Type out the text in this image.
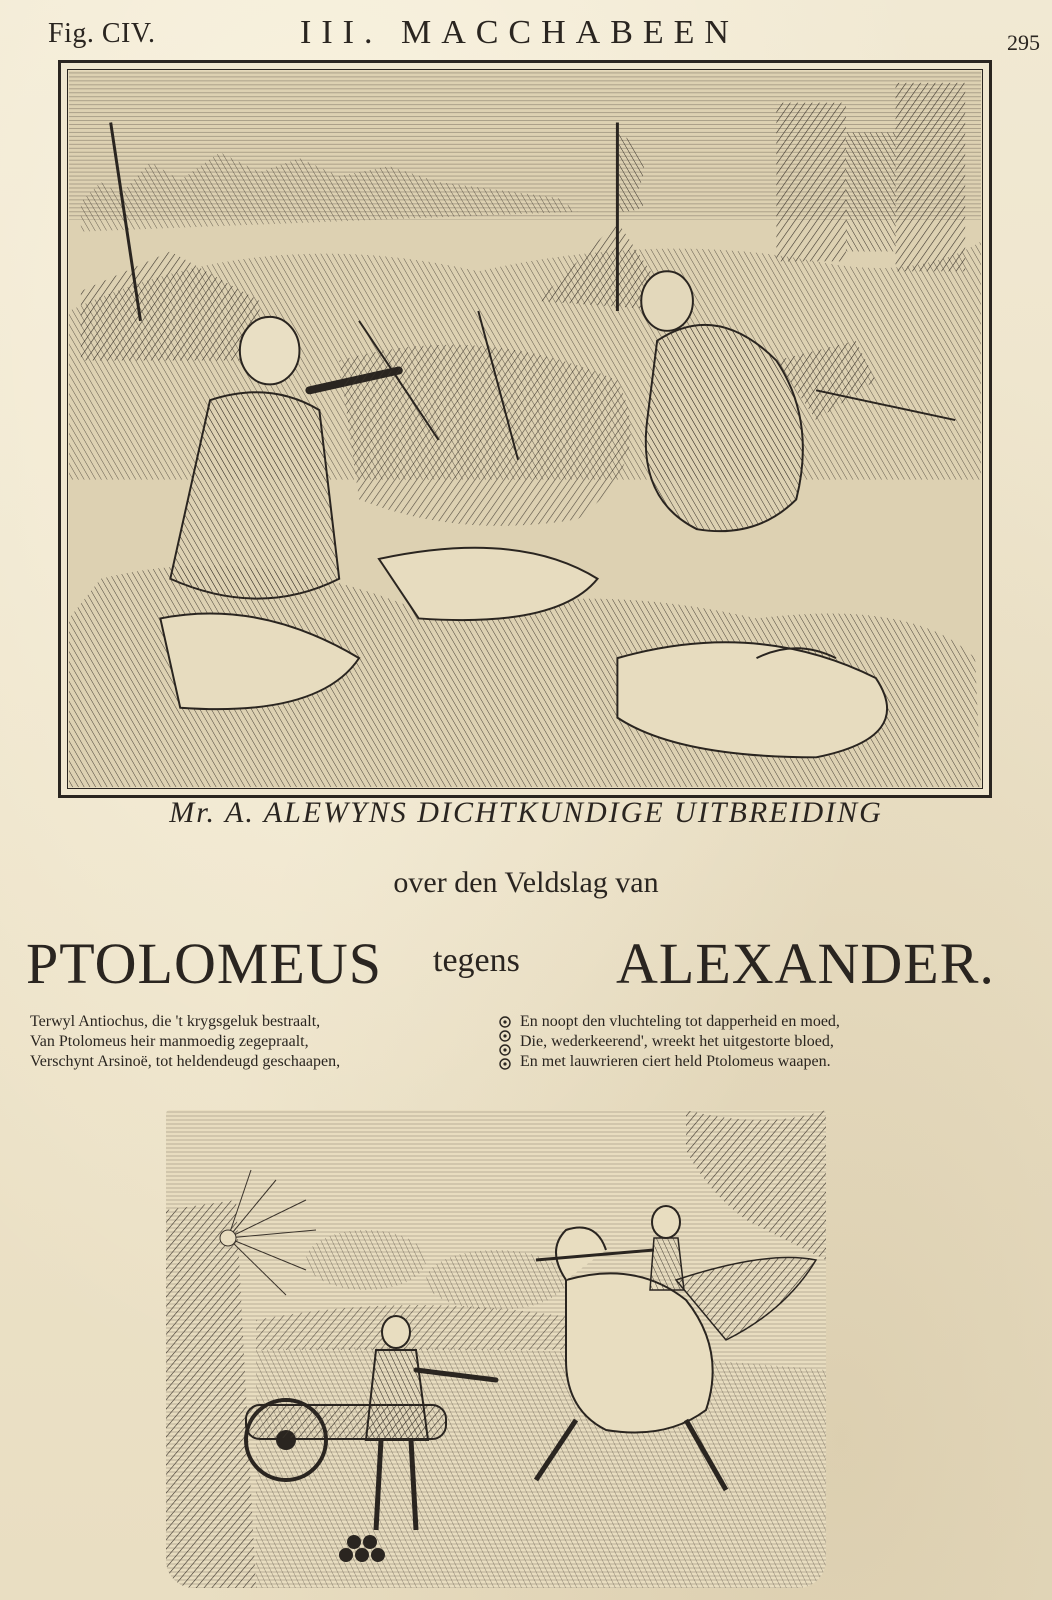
Fig. CIV.	III. MACCHABEEN	295
Mr. A. ALEWYNS DICHTKUNDIGE UITBREIDING
over den Veldslag van
PTOLOMEUS tegens ALEXANDER.
Terwyl Antiochus, die 't krygsgeluk bestraalt,
Van Ptolomeus heir manmoedig zegepraalt,
Verschynt Arsinoë, tot heldendeugd geschaapen,
En noopt den vluchteling tot dapperheid en moed,
Die, wederkeerend', wreekt het uitgestorte bloed,
En met lauwrieren ciert held Ptolomeus waapen.
